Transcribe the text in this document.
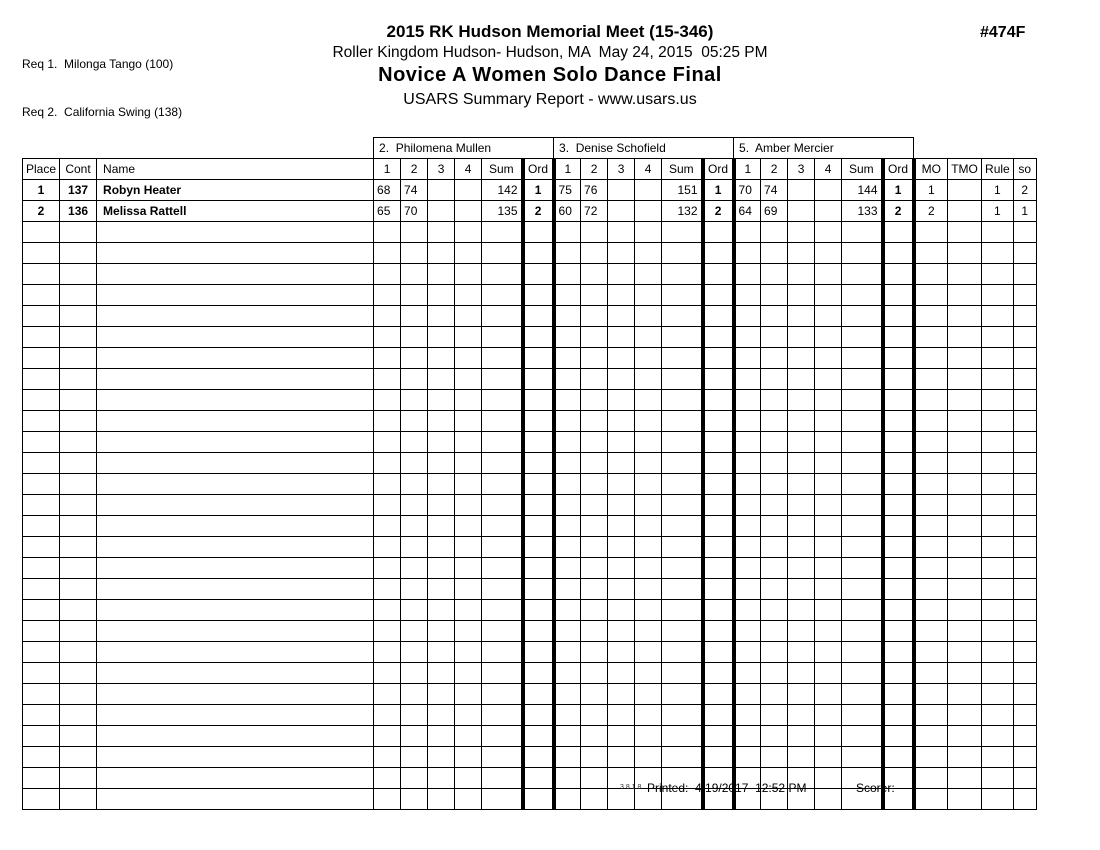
Req 1.  Milonga Tango (100)

Req 2.  California Swing (138)

2015 RK Hudson Memorial Meet (15-346)
Roller Kingdom Hudson- Hudson, MA  May 24, 2015  05:25 PM
Novice A Women Solo Dance Final
USARS Summary Report - www.usars.us
#474F
			2.  Philomena Mullen						3.  Denise Schofield						5.  Amber Mercier									
Place	Cont	Name	1	2	3	4	Sum	Ord	1	2	3	4	Sum	Ord	1	2	3	4	Sum	Ord	MO	TMO	Rule	so
1	137	Robyn Heater	68	74			142	1	75	76			151	1	70	74			144	1	1		1	2
2	136	Melissa Rattell	65	70			135	2	60	72			132	2	64	69			133	2	2		1	1

3.8.1.8 Printed:  4/19/2017  12:52 PM	Scorer:
